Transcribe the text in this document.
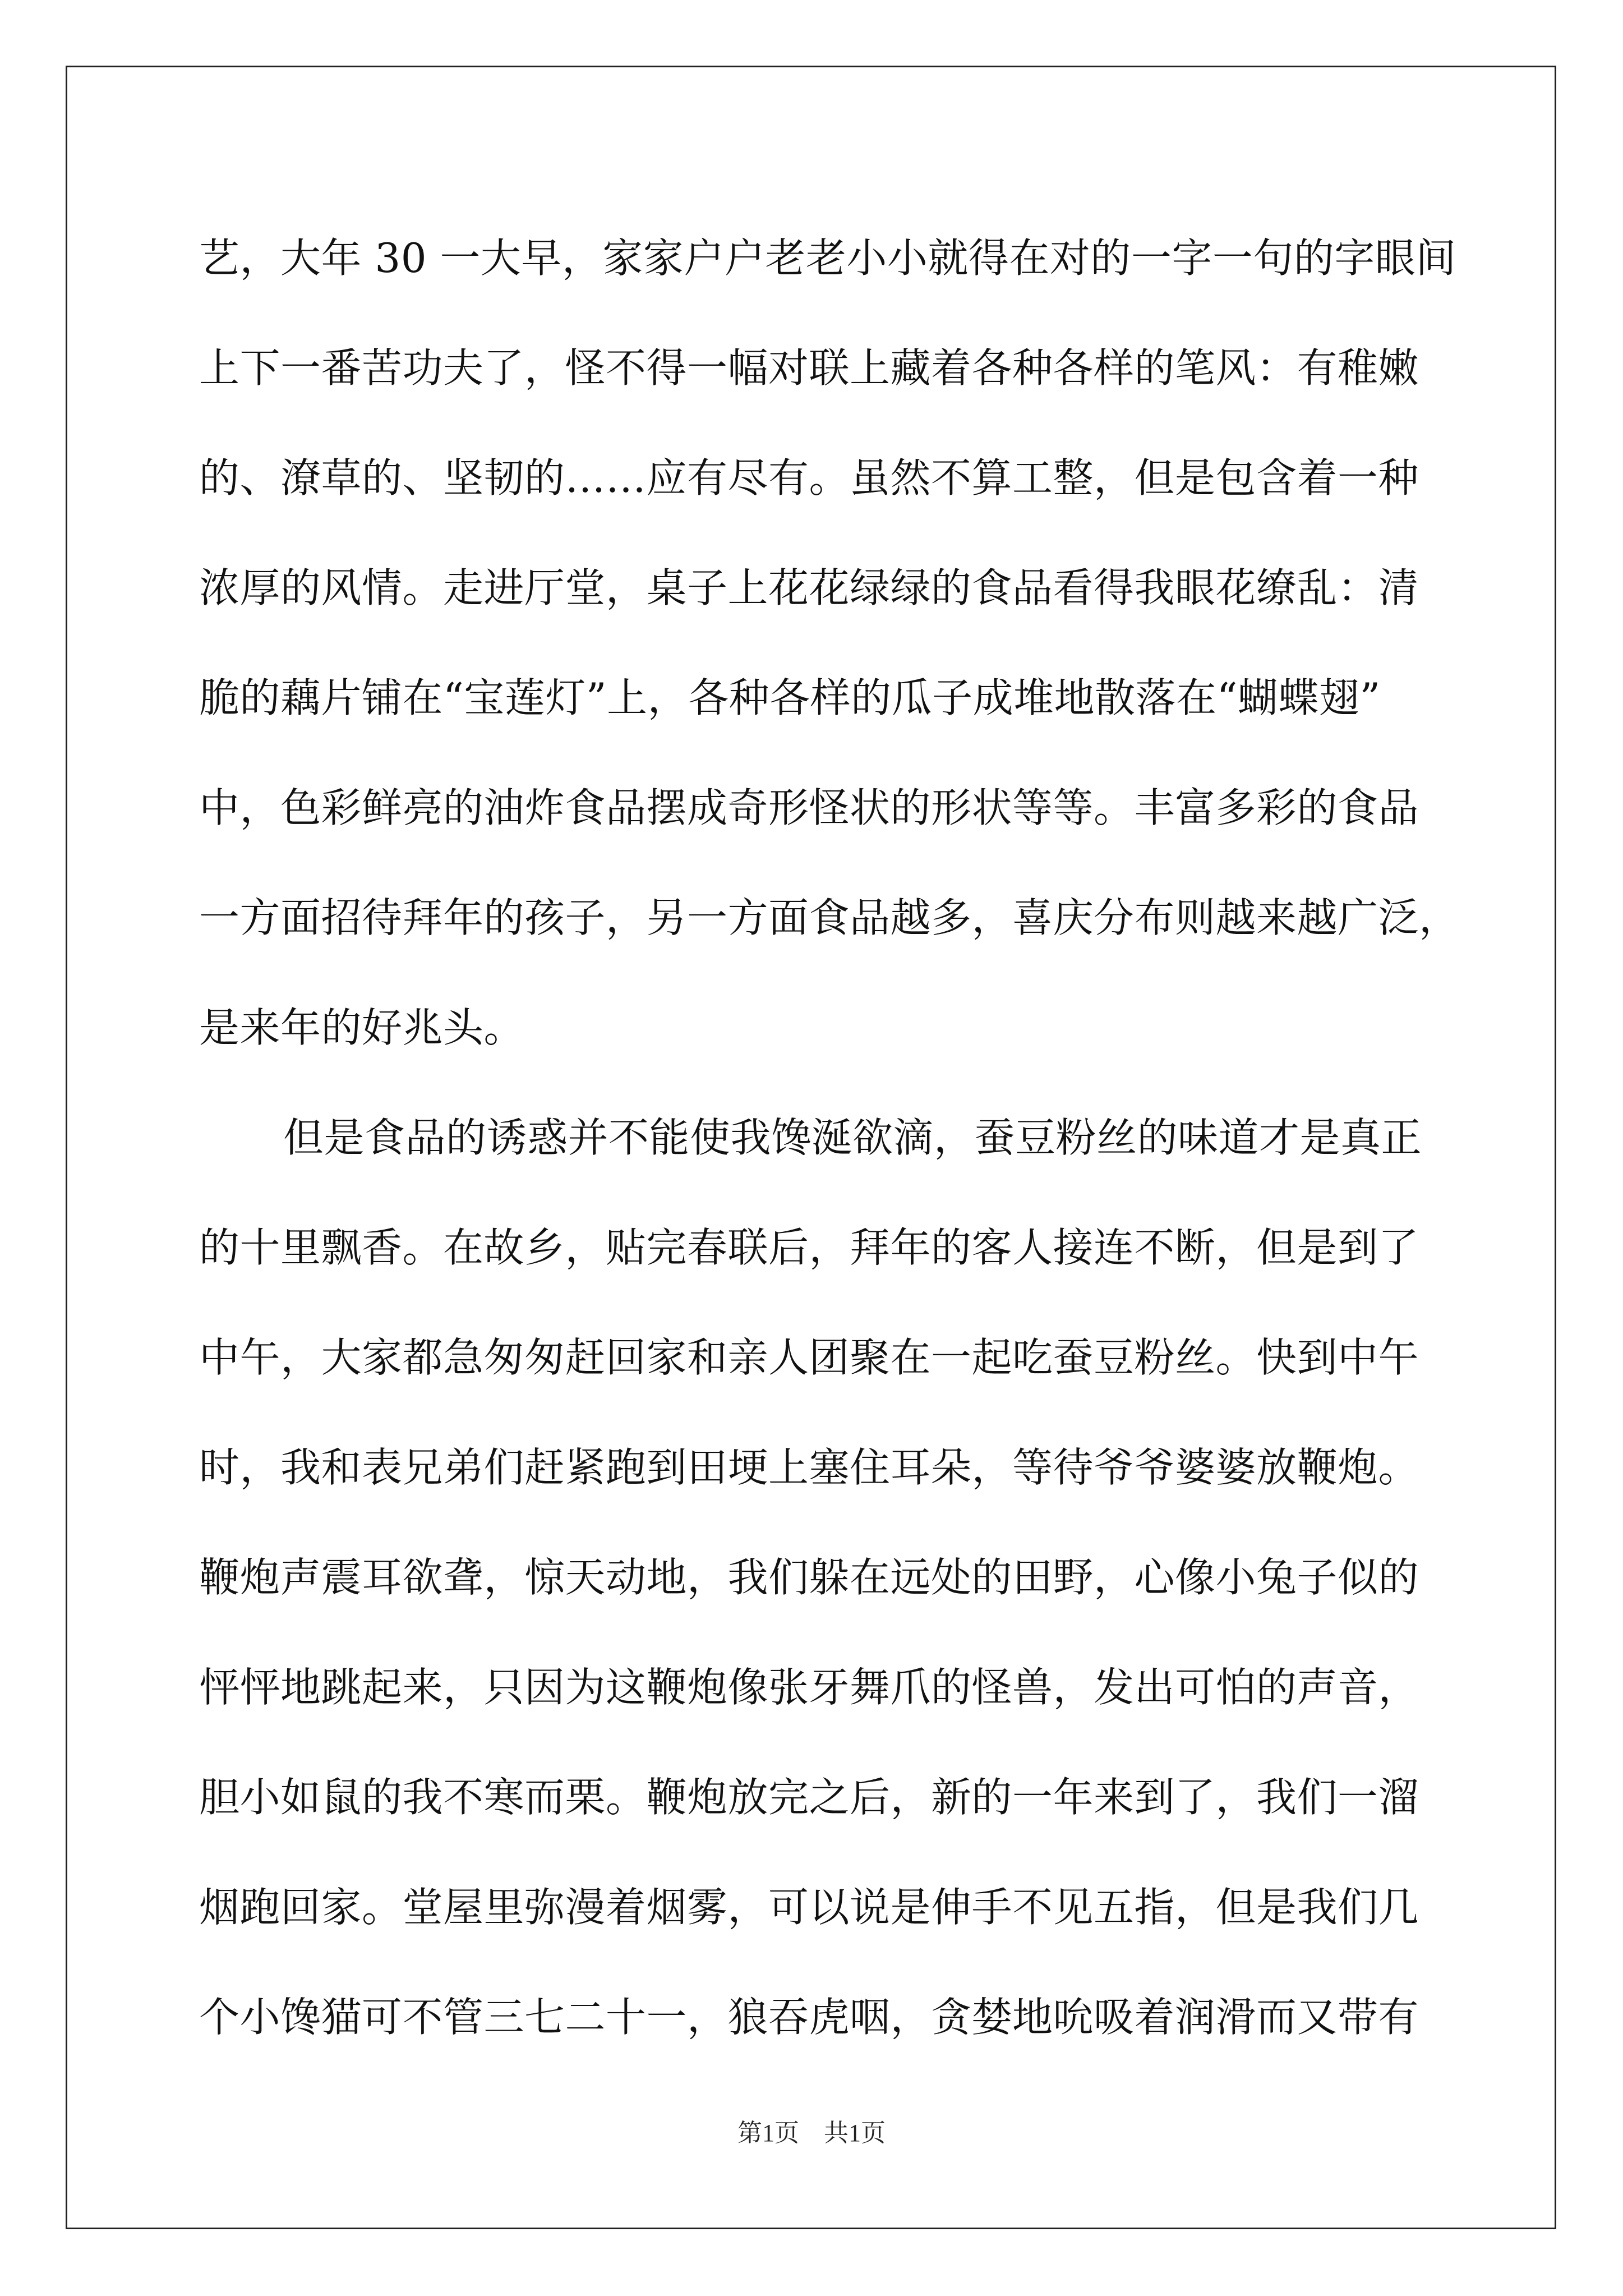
艺，大年 30 一大早，家家户户老老小小就得在对的一字一句的字眼间
上下一番苦功夫了，怪不得一幅对联上藏着各种各样的笔风：有稚嫩
的、潦草的、坚韧的……应有尽有。虽然不算工整，但是包含着一种
浓厚的风情。走进厅堂，桌子上花花绿绿的食品看得我眼花缭乱：清
脆的藕片铺在“宝莲灯”上，各种各样的瓜子成堆地散落在“蝴蝶翅”
中，色彩鲜亮的油炸食品摆成奇形怪状的形状等等。丰富多彩的食品
一方面招待拜年的孩子，另一方面食品越多，喜庆分布则越来越广泛，
是来年的好兆头。
但是食品的诱惑并不能使我馋涎欲滴，蚕豆粉丝的味道才是真正
的十里飘香。在故乡，贴完春联后，拜年的客人接连不断，但是到了
中午，大家都急匆匆赶回家和亲人团聚在一起吃蚕豆粉丝。快到中午
时，我和表兄弟们赶紧跑到田埂上塞住耳朵，等待爷爷婆婆放鞭炮。
鞭炮声震耳欲聋，惊天动地，我们躲在远处的田野，心像小兔子似的
怦怦地跳起来，只因为这鞭炮像张牙舞爪的怪兽，发出可怕的声音，
胆小如鼠的我不寒而栗。鞭炮放完之后，新的一年来到了，我们一溜
烟跑回家。堂屋里弥漫着烟雾，可以说是伸手不见五指，但是我们几
个小馋猫可不管三七二十一，狼吞虎咽，贪婪地吮吸着润滑而又带有
第1页 共1页
